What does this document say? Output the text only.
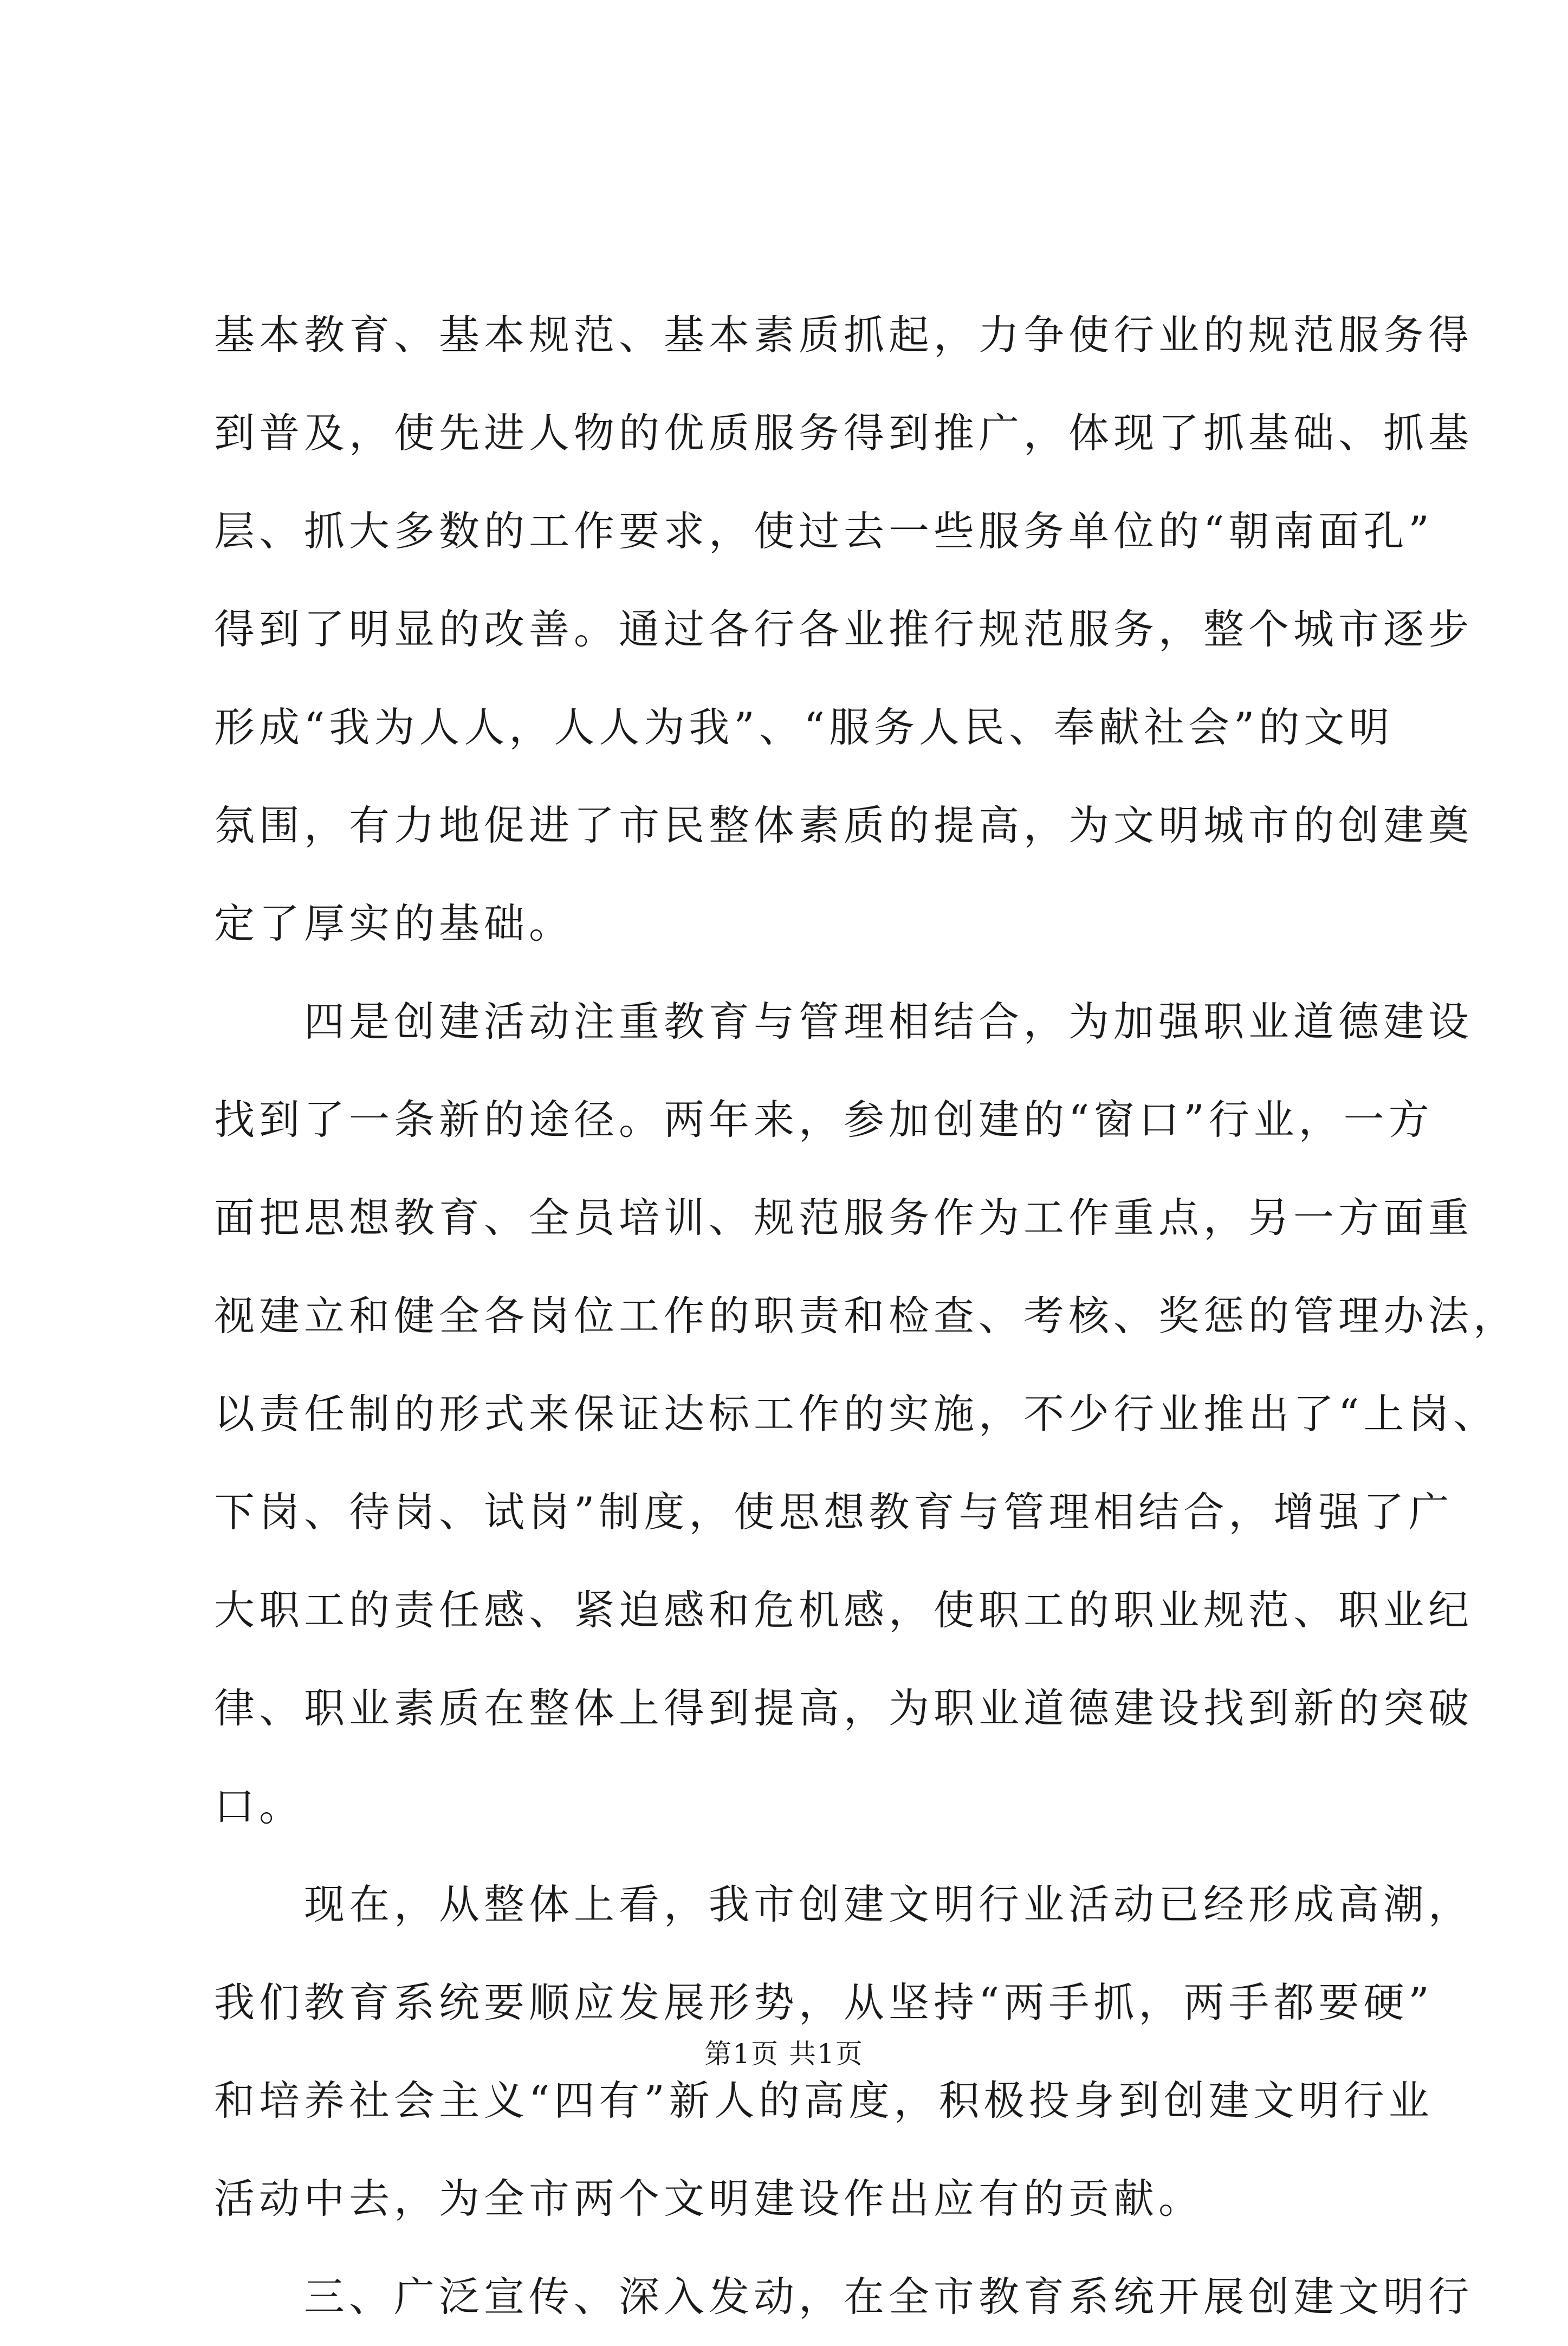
基本教育、基本规范、基本素质抓起，力争使行业的规范服务得
到普及，使先进人物的优质服务得到推广，体现了抓基础、抓基
层、抓大多数的工作要求，使过去一些服务单位的“朝南面孔”
得到了明显的改善。通过各行各业推行规范服务，整个城市逐步
形成“我为人人，人人为我”、“服务人民、奉献社会”的文明
氛围，有力地促进了市民整体素质的提高，为文明城市的创建奠
定了厚实的基础。
　　四是创建活动注重教育与管理相结合，为加强职业道德建设
找到了一条新的途径。两年来，参加创建的“窗口”行业，一方
面把思想教育、全员培训、规范服务作为工作重点，另一方面重
视建立和健全各岗位工作的职责和检查、考核、奖惩的管理办法，
以责任制的形式来保证达标工作的实施，不少行业推出了“上岗、
下岗、待岗、试岗”制度，使思想教育与管理相结合，增强了广
大职工的责任感、紧迫感和危机感，使职工的职业规范、职业纪
律、职业素质在整体上得到提高，为职业道德建设找到新的突破
口。
　　现在，从整体上看，我市创建文明行业活动已经形成高潮，
我们教育系统要顺应发展形势，从坚持“两手抓，两手都要硬”
和培养社会主义“四有”新人的高度，积极投身到创建文明行业
活动中去，为全市两个文明建设作出应有的贡献。
　　三、广泛宣传、深入发动，在全市教育系统开展创建文明行
第1页 共1页
